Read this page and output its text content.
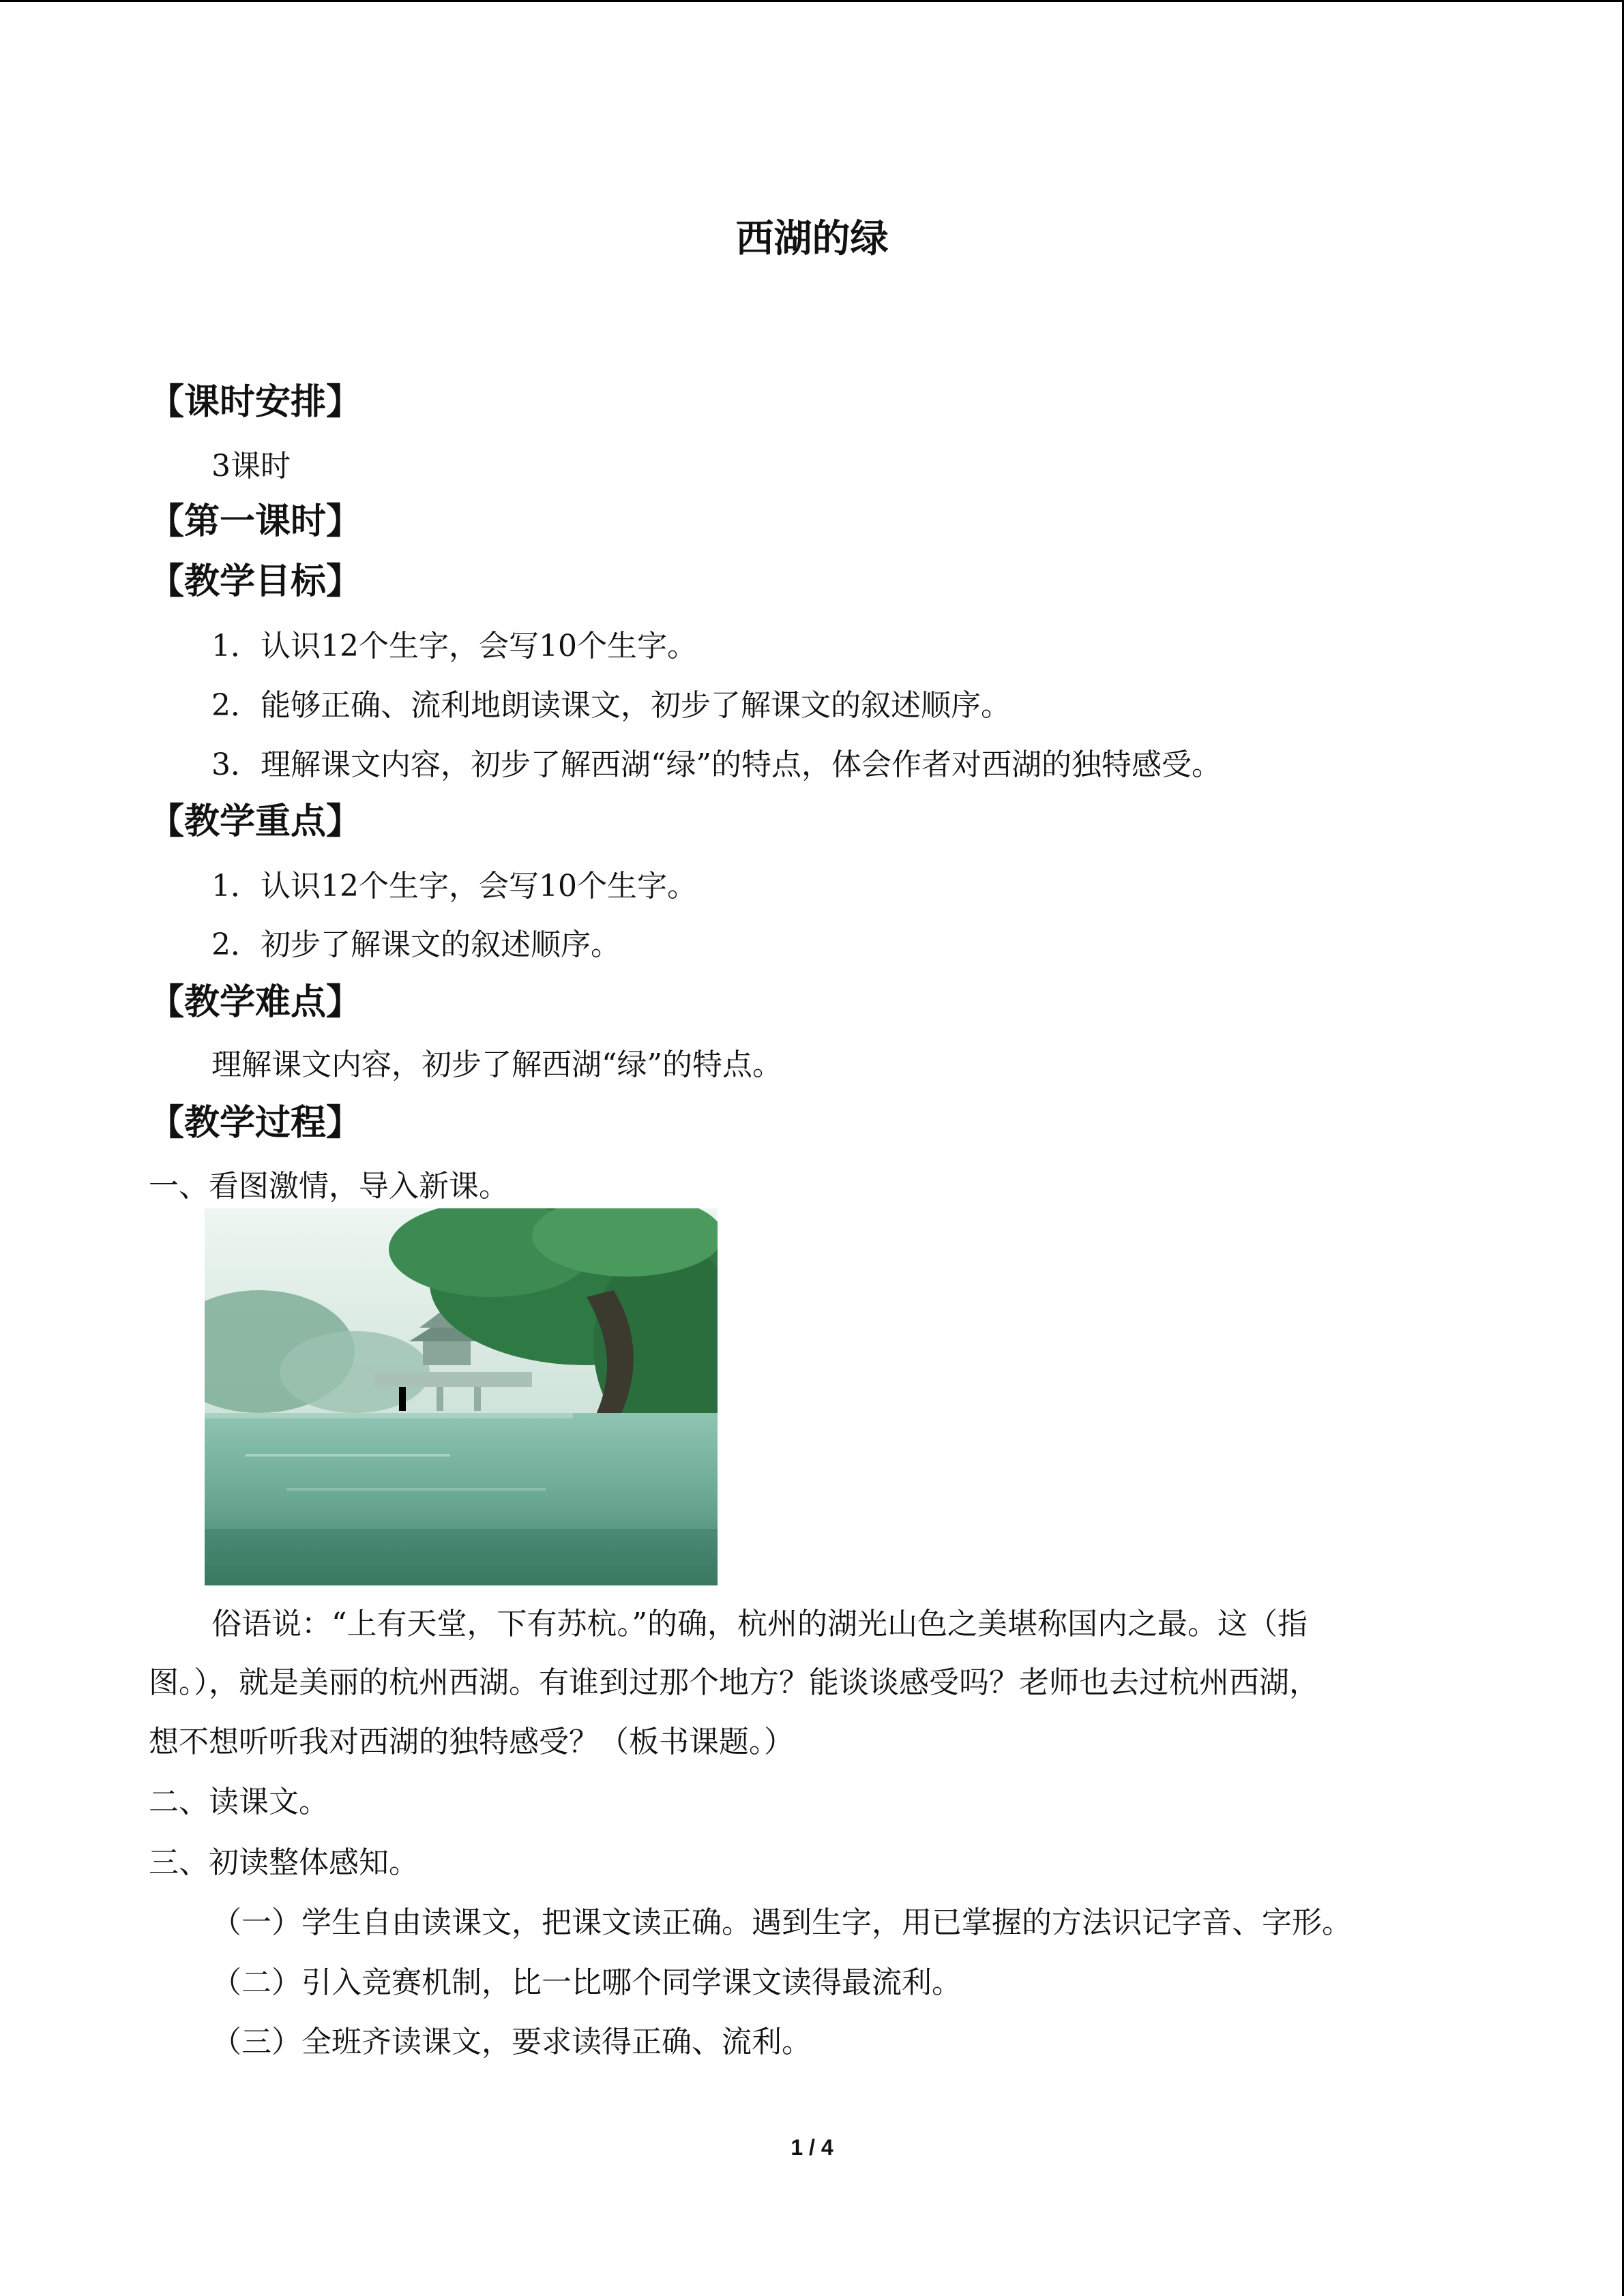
西湖的绿
【课时安排】
3课时
【第一课时】
【教学目标】
1．认识12个生字，会写10个生字。
2．能够正确、流利地朗读课文，初步了解课文的叙述顺序。
3．理解课文内容，初步了解西湖“绿”的特点，体会作者对西湖的独特感受。
【教学重点】
1．认识12个生字，会写10个生字。
2．初步了解课文的叙述顺序。
【教学难点】
理解课文内容，初步了解西湖“绿”的特点。
【教学过程】
一、看图激情，导入新课。
俗语说：“上有天堂，下有苏杭。”的确，杭州的湖光山色之美堪称国内之最。这（指
图。），就是美丽的杭州西湖。有谁到过那个地方？能谈谈感受吗？老师也去过杭州西湖，
想不想听听我对西湖的独特感受？（板书课题。）
二、读课文。
三、初读整体感知。
（一）学生自由读课文，把课文读正确。遇到生字，用已掌握的方法识记字音、字形。
（二）引入竞赛机制，比一比哪个同学课文读得最流利。
（三）全班齐读课文，要求读得正确、流利。
1 / 4
